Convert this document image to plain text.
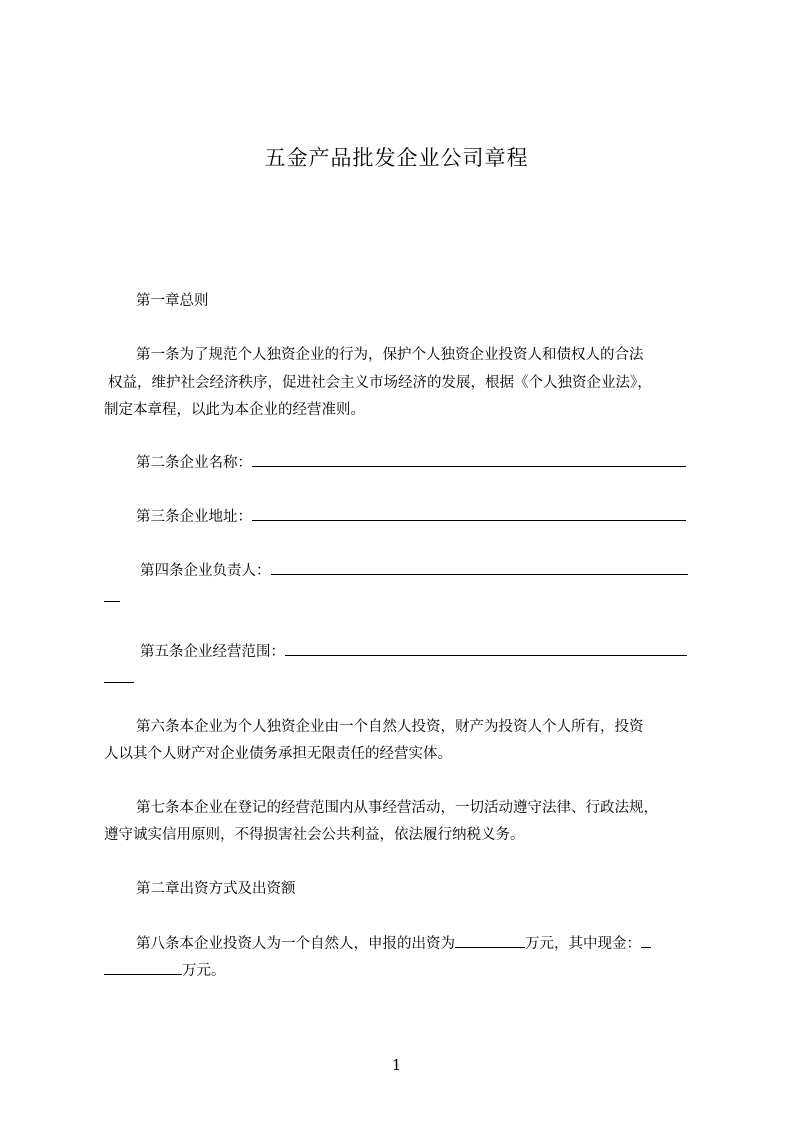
五金产品批发企业公司章程
第一章总则
第一条为了规范个人独资企业的行为，保护个人独资企业投资人和债权人的合法
权益，维护社会经济秩序，促进社会主义市场经济的发展，根据《个人独资企业法》，
制定本章程，以此为本企业的经营准则。
第二条企业名称：
第三条企业地址：
第四条企业负责人：
第五条企业经营范围：
第六条本企业为个人独资企业由一个自然人投资，财产为投资人个人所有，投资
人以其个人财产对企业债务承担无限责任的经营实体。
第七条本企业在登记的经营范围内从事经营活动，一切活动遵守法律、行政法规，
遵守诚实信用原则，不得损害社会公共利益，依法履行纳税义务。
第二章出资方式及出资额
第八条本企业投资人为一个自然人，申报的出资为	万元，其中现金：
万元。
1
